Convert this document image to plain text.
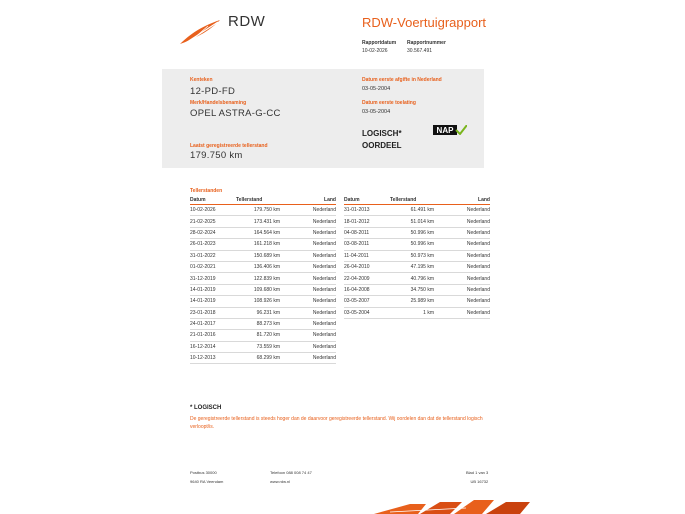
RDW	RDW-Voertuigrapport
Rapportdatum
10-02-2026
Rapportnummer
30.567.491
Kenteken
12-PD-FD
Merk/Handelsbenaming
OPEL ASTRA-G-CC
Laatst geregistreerde tellerstand
179.750 km
Datum eerste afgifte in Nederland
03-05-2004
Datum eerste toelating
03-05-2004
LOGISCH*
OORDEEL
NAP
Tellerstanden
Datum	Tellerstand	Land
10-02-2026	179.750 km	Nederland
21-02-2025	173.431 km	Nederland
28-02-2024	164.564 km	Nederland
26-01-2023	161.218 km	Nederland
31-01-2022	150.689 km	Nederland
01-02-2021	136.406 km	Nederland
31-12-2019	122.839 km	Nederland
14-01-2019	109.680 km	Nederland
14-01-2019	108.926 km	Nederland
23-01-2018	96.231 km	Nederland
24-01-2017	88.273 km	Nederland
21-01-2016	81.720 km	Nederland
16-12-2014	73.559 km	Nederland
10-12-2013	68.299 km	Nederland
Datum	Tellerstand	Land
31-01-2013	61.491 km	Nederland
18-01-2012	51.014 km	Nederland
04-08-2011	50.996 km	Nederland
03-08-2011	50.996 km	Nederland
11-04-2011	50.973 km	Nederland
26-04-2010	47.195 km	Nederland
22-04-2009	40.796 km	Nederland
16-04-2008	34.750 km	Nederland
03-05-2007	25.989 km	Nederland
03-05-2004	1 km	Nederland
* LOGISCH
De geregistreerde tellerstand is steeds hoger dan de daarvoor geregistreerde tellerstand. Wij oordelen dan dat de tellerstand logisch verloopt/is.
Postbus 30000
9640 RA Veendam
Telefoon 088 008 74 47
www.rdw.nl
Blad 1 van 3
UB 16732
